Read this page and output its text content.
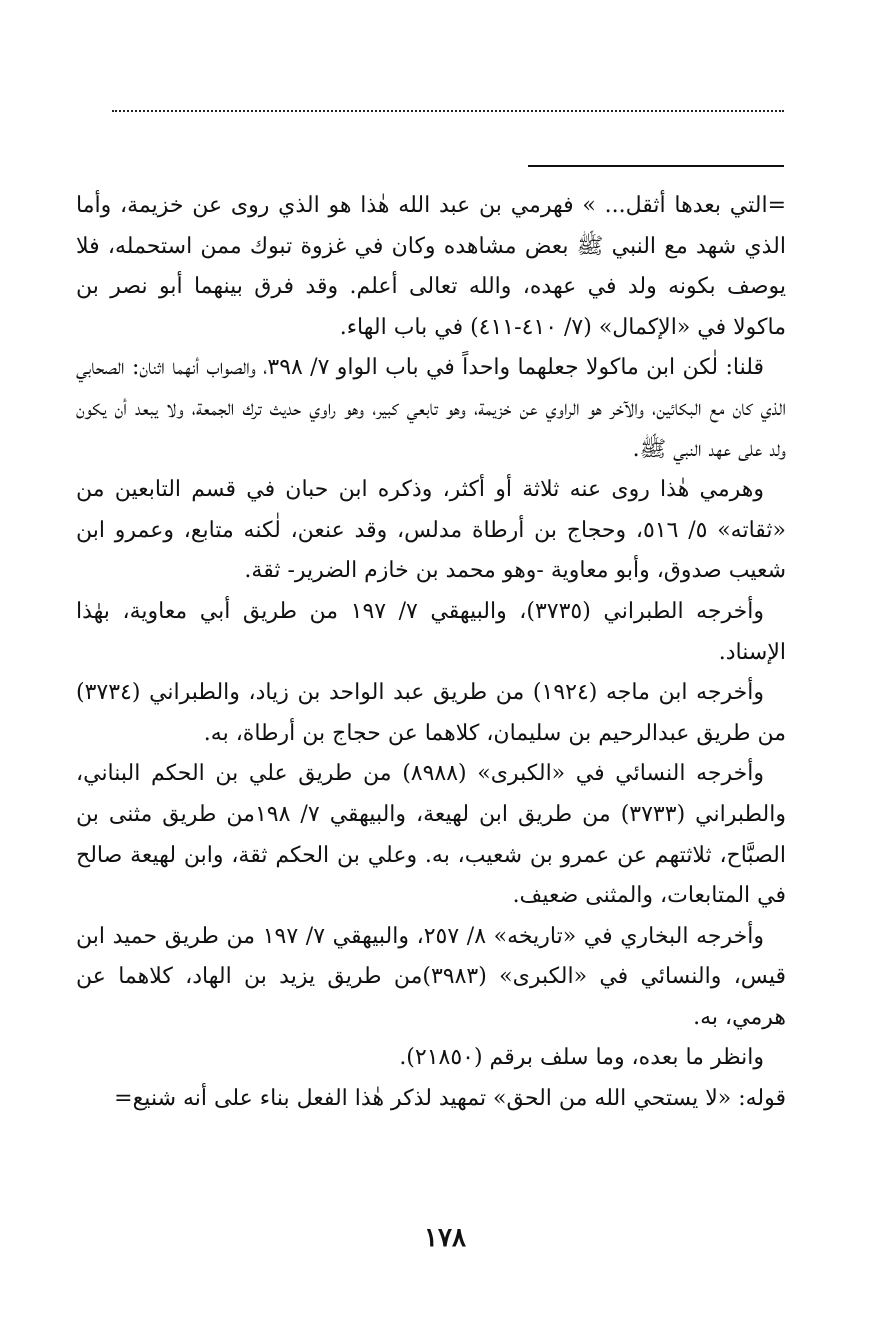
=التي بعدها أثقل... » فهرمي بن عبد الله هٰذا هو الذي روى عن خزيمة، وأما الذي شهد مع النبي ﷺ بعض مشاهده وكان في غزوة تبوك ممن استحمله، فلا يوصف بكونه ولد في عهده، والله تعالى أعلم. وقد فرق بينهما أبو نصر بن ماكولا في «الإكمال» (٧/ ٤١٠-٤١١) في باب الهاء.

قلنا: لٰكن ابن ماكولا جعلهما واحداً في باب الواو ٧/ ٣٩٨، والصواب أنهما اثنان: الصحابي الذي كان مع البكائين، والآخر هو الراوي عن خزيمة، وهو تابعي كبير، وهو راوي حديث ترك الجمعة، ولا يبعد أن يكون ولد على عهد النبي ﷺ.

وهرمي هٰذا روى عنه ثلاثة أو أكثر، وذكره ابن حبان في قسم التابعين من «ثقاته» ٥/ ٥١٦، وحجاج بن أرطاة مدلس، وقد عنعن، لٰكنه متابع، وعمرو ابن شعيب صدوق، وأبو معاوية -وهو محمد بن خازم الضرير- ثقة.

وأخرجه الطبراني (٣٧٣٥)، والبيهقي ٧/ ١٩٧ من طريق أبي معاوية، بهٰذا الإسناد.

وأخرجه ابن ماجه (١٩٢٤) من طريق عبد الواحد بن زياد، والطبراني (٣٧٣٤) من طريق عبدالرحيم بن سليمان، كلاهما عن حجاج بن أرطاة، به.

وأخرجه النسائي في «الكبرى» (٨٩٨٨) من طريق علي بن الحكم البناني، والطبراني (٣٧٣٣) من طريق ابن لهيعة، والبيهقي ٧/ ١٩٨من طريق مثنى بن الصبَّاح، ثلاثتهم عن عمرو بن شعيب، به. وعلي بن الحكم ثقة، وابن لهيعة صالح في المتابعات، والمثنى ضعيف.

وأخرجه البخاري في «تاريخه» ٨/ ٢٥٧، والبيهقي ٧/ ١٩٧ من طريق حميد ابن قيس، والنسائي في «الكبرى» (٣٩٨٣)من طريق يزيد بن الهاد، كلاهما عن هرمي، به.

وانظر ما بعده، وما سلف برقم (٢١٨٥٠).

قوله: «لا يستحي الله من الحق» تمهيد لذكر هٰذا الفعل بناء على أنه شنيع=

١٧٨
